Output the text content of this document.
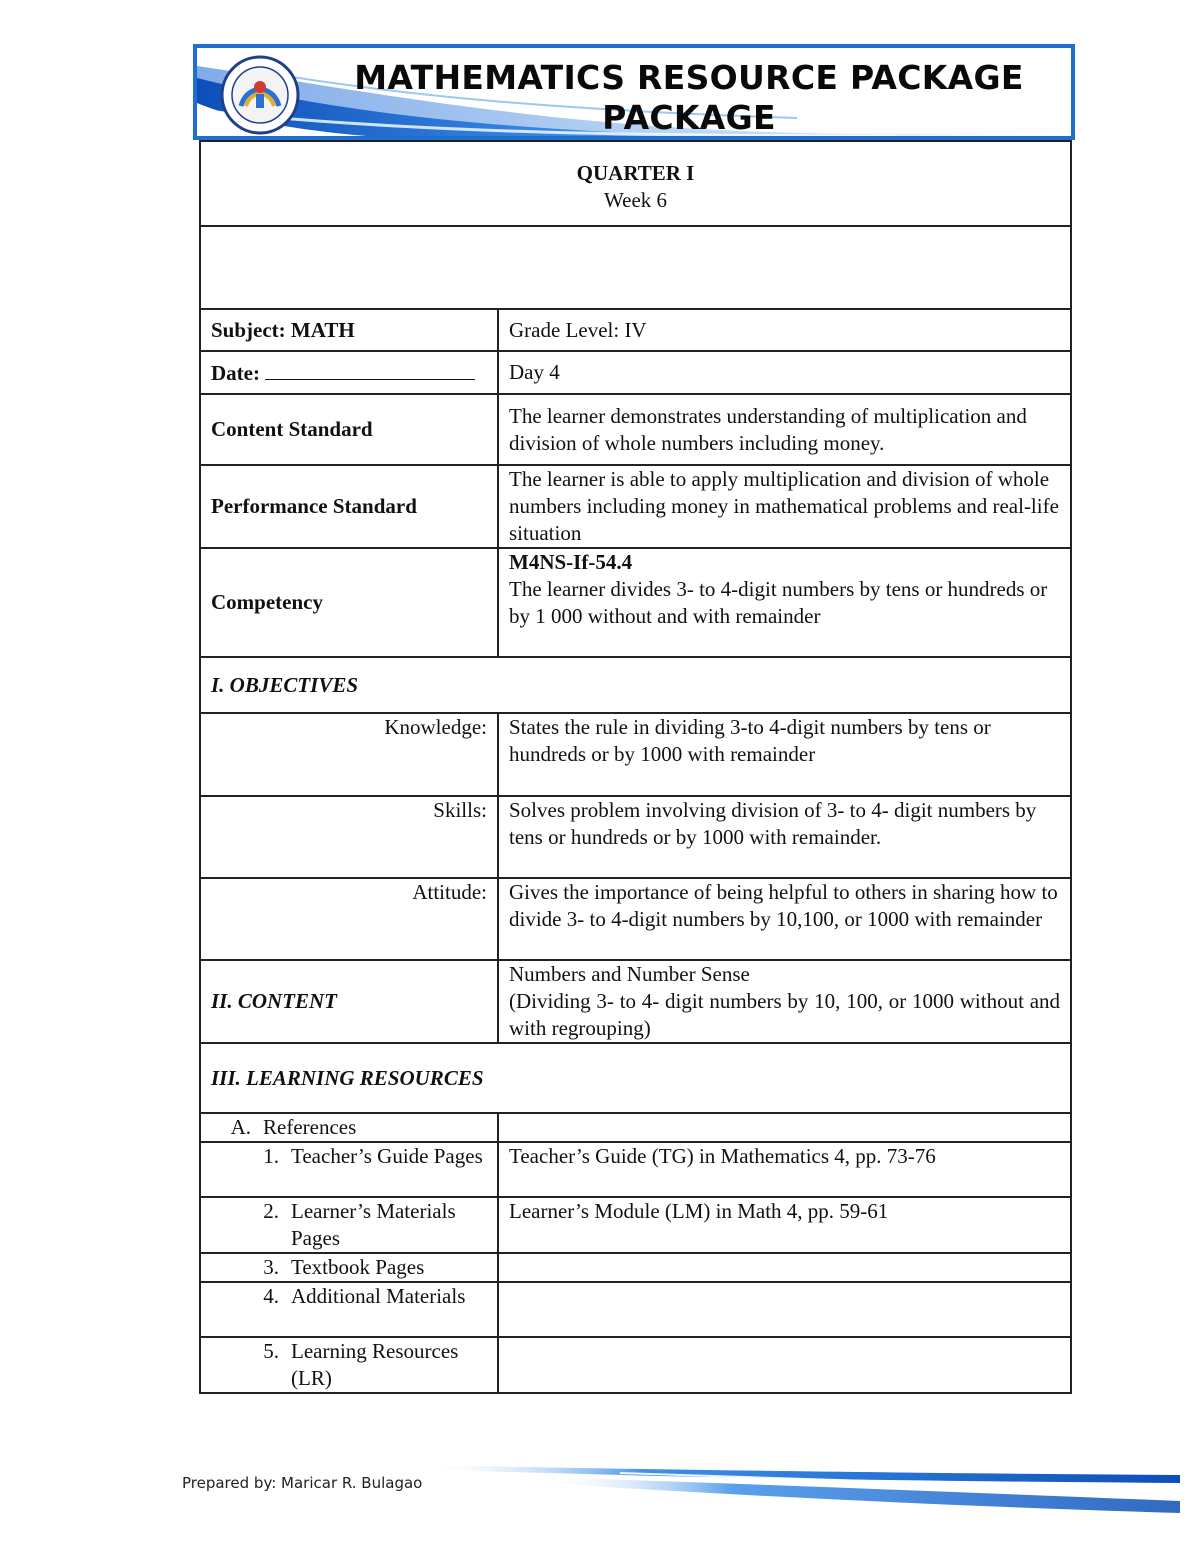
MATHEMATICS RESOURCE PACKAGE PACKAGE
QUARTER I
Week 6	

Subject: MATH	Grade Level: IV
Date:	Day 4
Content Standard	The learner demonstrates understanding of multiplication and division of whole numbers including money.
Performance Standard	The learner is able to apply multiplication and division of whole numbers including money in mathematical problems and real-life situation
Competency	M4NS-If-54.4
The learner divides 3- to 4-digit numbers by tens or hundreds or by 1 000 without and with remainder

I. OBJECTIVES	
Knowledge:	States the rule in dividing 3-to 4-digit numbers by tens or hundreds or by 1000 with remainder
Skills:	Solves problem involving division of 3- to 4- digit numbers by tens or hundreds or by 1000 with remainder.
Attitude:	Gives the importance of being helpful to others in sharing how to divide 3- to 4-digit numbers by 10,100, or 1000 with remainder
II. CONTENT	Numbers and Number Sense
(Dividing 3- to 4- digit numbers by 10, 100, or 1000 without and with regrouping)

III. LEARNING RESOURCES	

A. References	

1. Teacher’s Guide Pages	Teacher’s Guide (TG) in Mathematics 4, pp. 73-76

2. Learner’s Materials Pages	Learner’s Module (LM) in Math 4, pp. 59-61

3. Textbook Pages	

4. Additional Materials	

5. Learning Resources (LR)	

Prepared by: Maricar R. Bulagao
